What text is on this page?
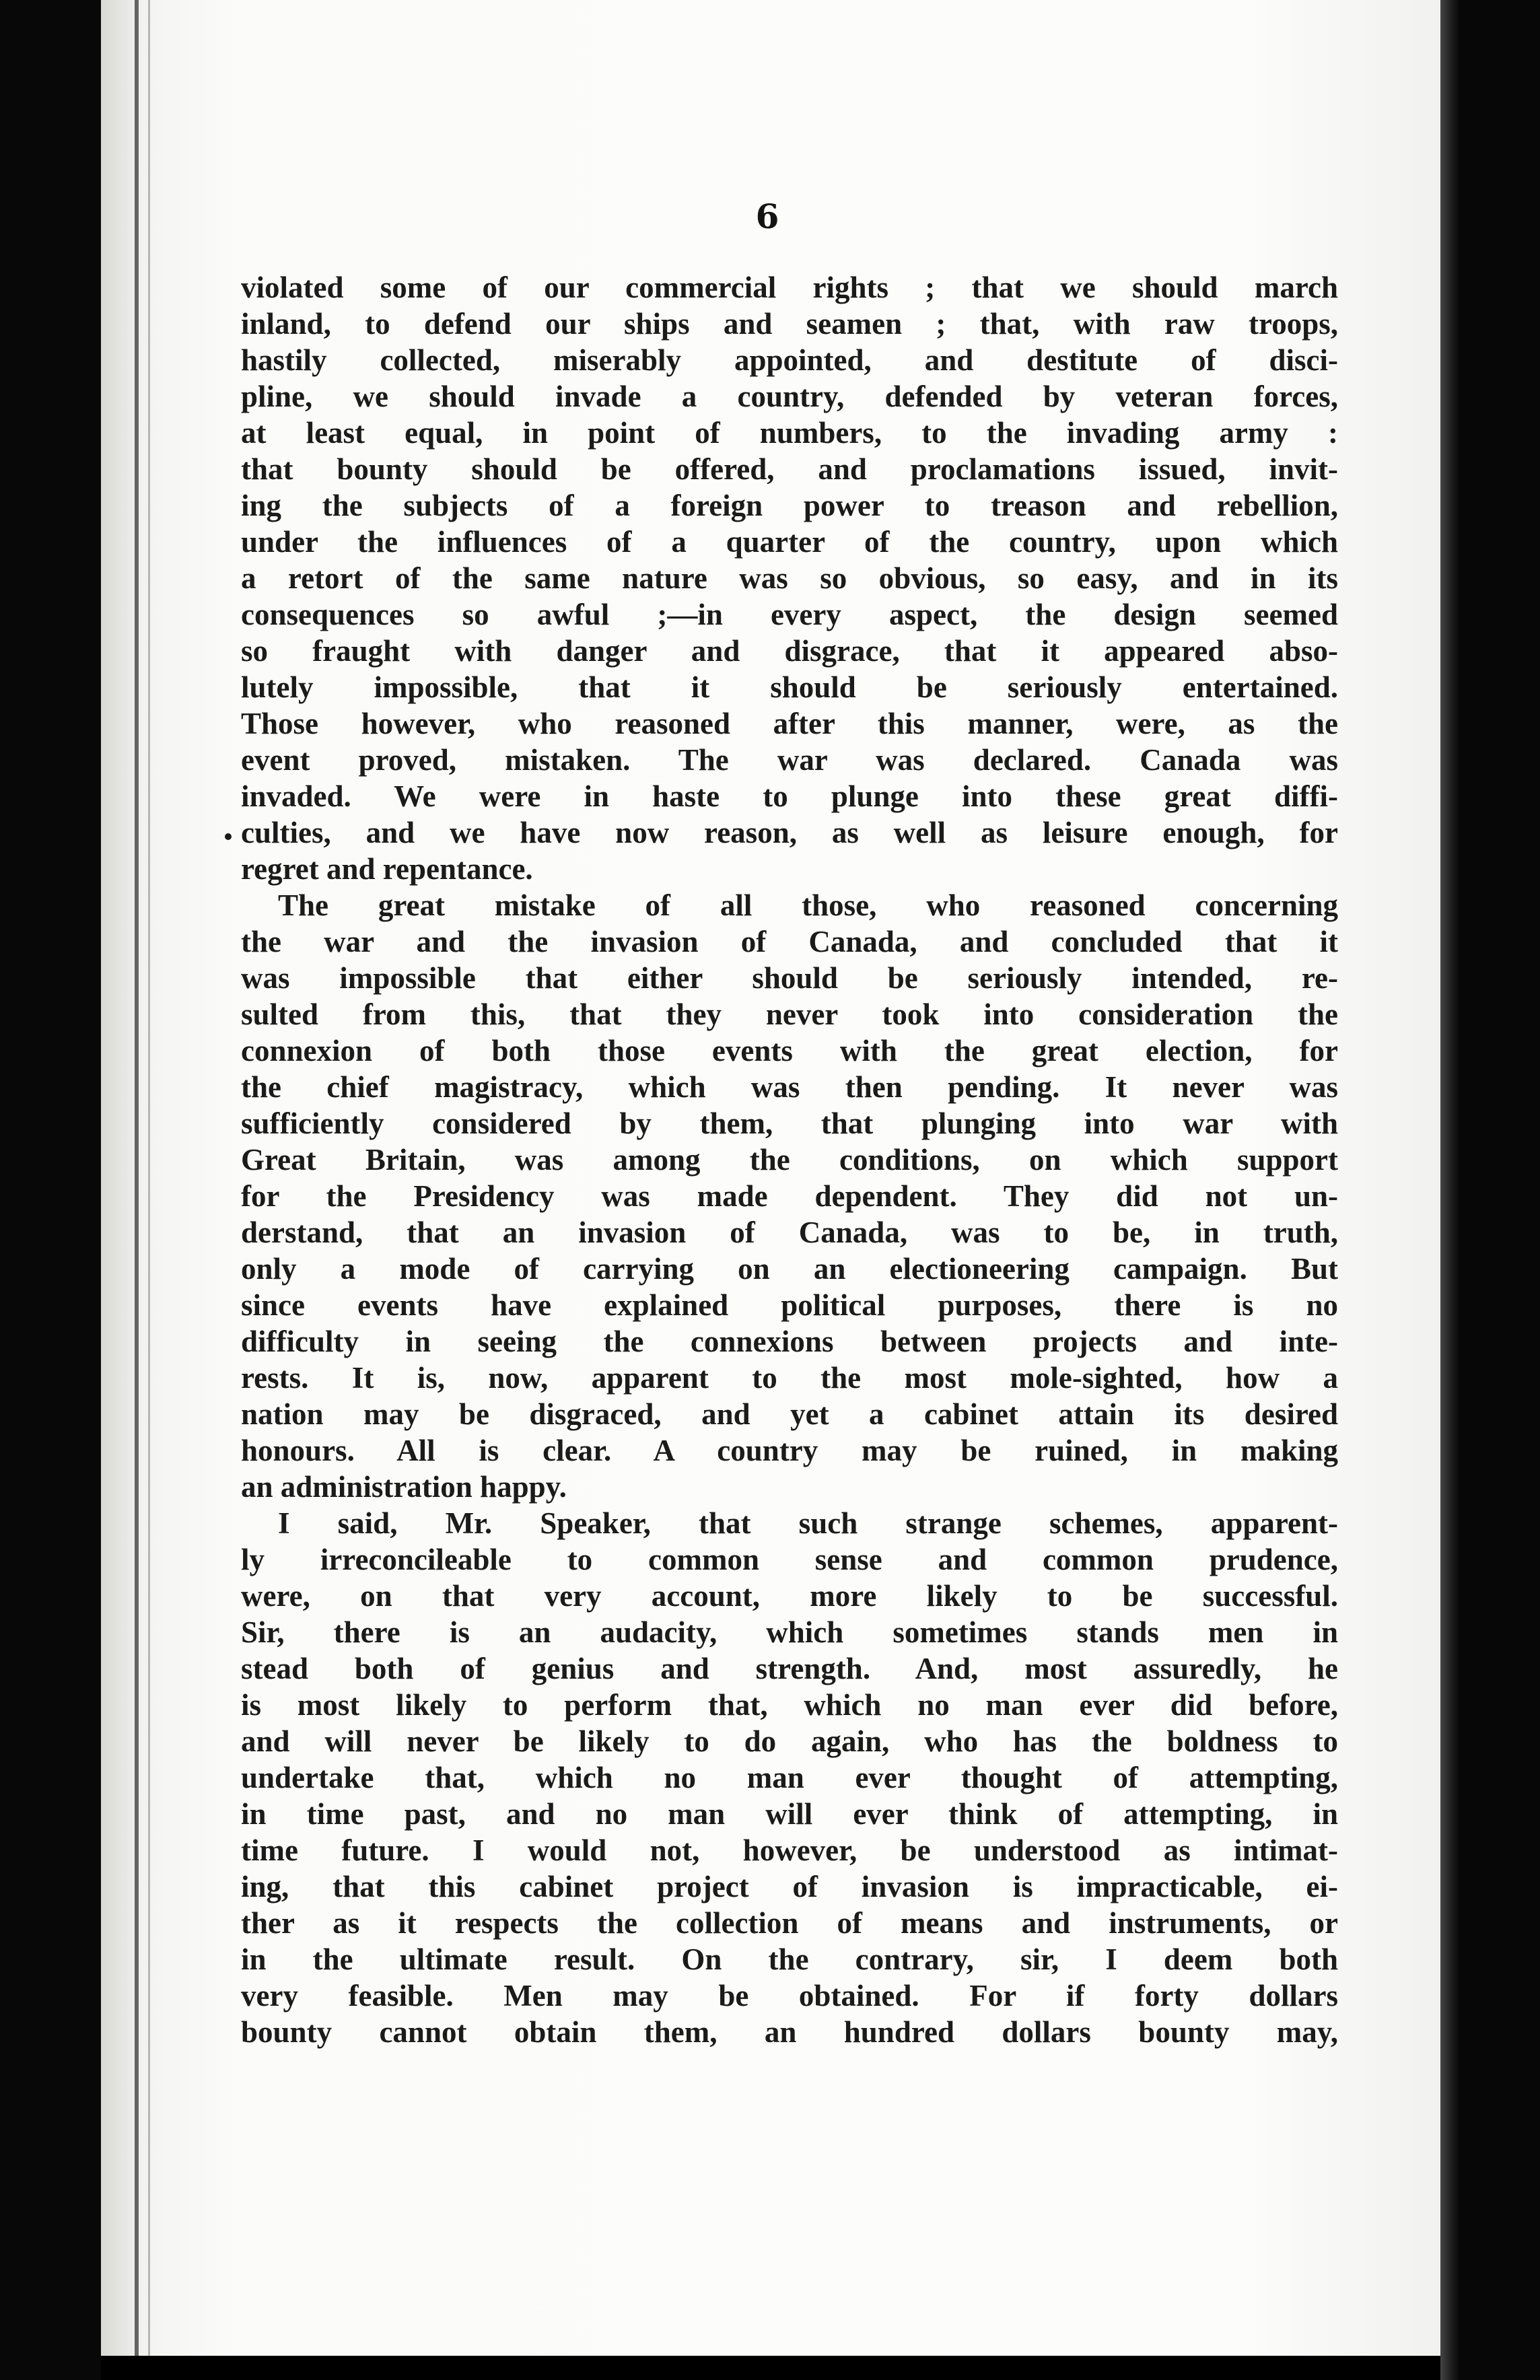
6
violated some of our commercial rights ; that we should march
inland, to defend our ships and seamen ; that, with raw troops,
hastily collected, miserably appointed, and destitute of disci-
pline, we should invade a country, defended by veteran forces,
at least equal, in point of numbers, to the invading army :
that bounty should be offered, and proclamations issued, invit-
ing the subjects of a foreign power to treason and rebellion,
under the influences of a quarter of the country, upon which
a retort of the same nature was so obvious, so easy, and in its
consequences so awful ;—in every aspect, the design seemed
so fraught with danger and disgrace, that it appeared abso-
lutely impossible, that it should be seriously entertained.
Those however, who reasoned after this manner, were, as the
event proved, mistaken. The war was declared. Canada was
invaded. We were in haste to plunge into these great diffi-
culties, and we have now reason, as well as leisure enough, for
regret and repentance.
The great mistake of all those, who reasoned concerning
the war and the invasion of Canada, and concluded that it
was impossible that either should be seriously intended, re-
sulted from this, that they never took into consideration the
connexion of both those events with the great election, for
the chief magistracy, which was then pending. It never was
sufficiently considered by them, that plunging into war with
Great Britain, was among the conditions, on which support
for the Presidency was made dependent. They did not un-
derstand, that an invasion of Canada, was to be, in truth,
only a mode of carrying on an electioneering campaign. But
since events have explained political purposes, there is no
difficulty in seeing the connexions between projects and inte-
rests. It is, now, apparent to the most mole-sighted, how a
nation may be disgraced, and yet a cabinet attain its desired
honours. All is clear. A country may be ruined, in making
an administration happy.
I said, Mr. Speaker, that such strange schemes, apparent-
ly irreconcileable to common sense and common prudence,
were, on that very account, more likely to be successful.
Sir, there is an audacity, which sometimes stands men in
stead both of genius and strength. And, most assuredly, he
is most likely to perform that, which no man ever did before,
and will never be likely to do again, who has the boldness to
undertake that, which no man ever thought of attempting,
in time past, and no man will ever think of attempting, in
time future. I would not, however, be understood as intimat-
ing, that this cabinet project of invasion is impracticable, ei-
ther as it respects the collection of means and instruments, or
in the ultimate result. On the contrary, sir, I deem both
very feasible. Men may be obtained. For if forty dollars
bounty cannot obtain them, an hundred dollars bounty may,
